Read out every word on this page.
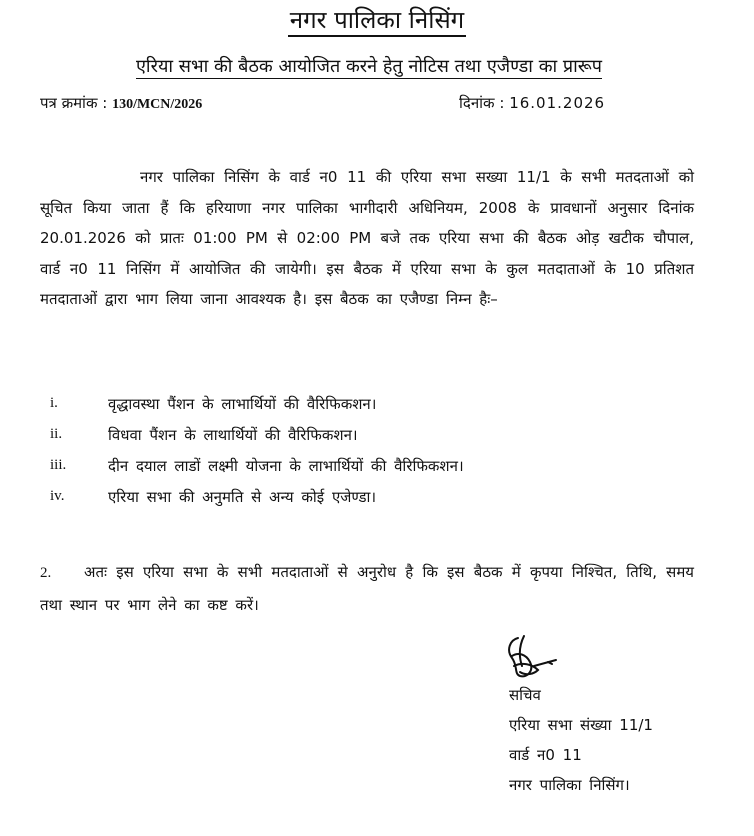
नगर पालिका निसिंग
एरिया सभा की बैठक आयोजित करने हेतु नोटिस तथा एजैण्डा का प्रारूप
पत्र क्रमांक : 130/MCN/2026	दिनांक : 16.01.2026
नगर पालिका निसिंग के वार्ड न0 11 की एरिया सभा सख्या 11/1 के सभी मतदताओं को सूचित किया जाता हैं कि हरियाणा नगर पालिका भागीदारी अधिनियम, 2008 के प्रावधानों अनुसार दिनांक 20.01.2026 को प्रातः 01:00 PM से 02:00 PM बजे तक एरिया सभा की बैठक ओड़ खटीक चौपाल, वार्ड न0 11 निसिंग में आयोजित की जायेगी। इस बैठक में एरिया सभा के कुल मतदाताओं के 10 प्रतिशत मतदाताओं द्वारा भाग लिया जाना आवश्यक है। इस बैठक का एजैण्डा निम्न हैः–
i.	वृद्धावस्था पैंशन के लाभार्थियों की वैरिफिकशन।
ii.	विधवा पैंशन के लाथार्थियों की वैरिफिकशन।
iii.	दीन दयाल लाडों लक्ष्मी योजना के लाभार्थियों की वैरिफिकशन।
iv.	एरिया सभा की अनुमति से अन्य कोई एजेण्डा।
2. अतः इस एरिया सभा के सभी मतदाताओं से अनुरोध है कि इस बैठक में कृपया निश्चित, तिथि, समय तथा स्थान पर भाग लेने का कष्ट करें।
सचिव
एरिया सभा संख्या 11/1
वार्ड न0 11
नगर पालिका निसिंग।
